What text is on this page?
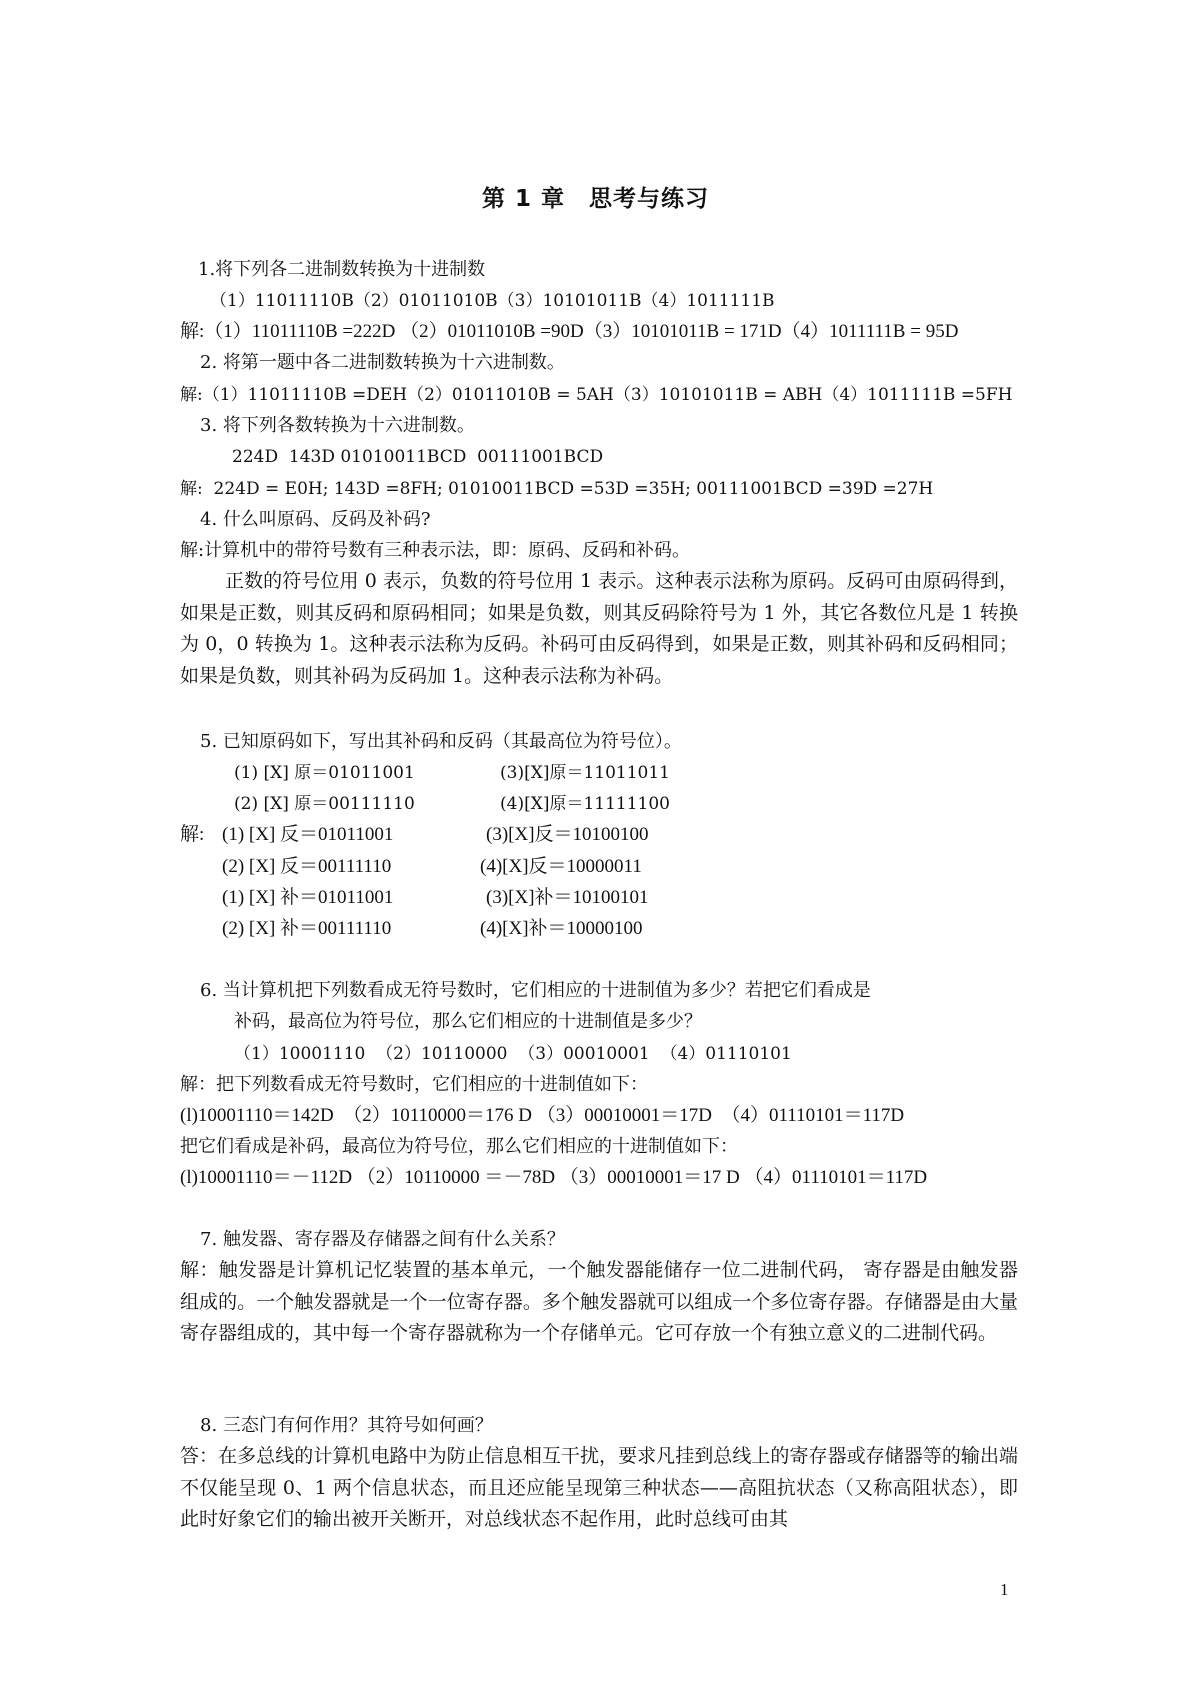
第 1 章　思考与练习
1.将下列各二进制数转换为十进制数
（1）11011110B（2）01011010B（3）10101011B（4）1011111B
解:（1）11011110B =222D （2）01011010B =90D（3）10101011B = 171D（4）1011111B = 95D
2. 将第一题中各二进制数转换为十六进制数。
解:（1）11011110B =DEH（2）01011010B = 5AH（3）10101011B = ABH（4）1011111B =5FH
3. 将下列各数转换为十六进制数。
224D  143D 01010011BCD  00111001BCD
解:  224D = E0H; 143D =8FH; 01010011BCD =53D =35H; 00111001BCD =39D =27H
4. 什么叫原码、反码及补码?
解:计算机中的带符号数有三种表示法，即：原码、反码和补码。
正数的符号位用 0 表示，负数的符号位用 1 表示。这种表示法称为原码。反码可由原码得到，如果是正数，则其反码和原码相同；如果是负数，则其反码除符号为 1 外，其它各数位凡是 1 转换为 0，0 转换为 1。这种表示法称为反码。补码可由反码得到，如果是正数，则其补码和反码相同；如果是负数，则其补码为反码加 1。这种表示法称为补码。
5. 已知原码如下，写出其补码和反码（其最高位为符号位）。
(1) [X] 原＝01011001	(3)[X]原＝11011011
(2) [X] 原＝00111110	(4)[X]原＝11111100
解: (1) [X] 反＝01011001	(3)[X]反＝10100100
(2) [X] 反＝00111110	(4)[X]反＝10000011
(1) [X] 补＝01011001	(3)[X]补＝10100101
(2) [X] 补＝00111110	(4)[X]补＝10000100
6. 当计算机把下列数看成无符号数时，它们相应的十进制值为多少？若把它们看成是
补码，最高位为符号位，那么它们相应的十进制值是多少？
（1）10001110  （2）10110000  （3）00010001  （4）01110101
解：把下列数看成无符号数时，它们相应的十进制值如下：
(l)10001110＝142D  （2）10110000＝176 D （3）00010001＝17D  （4）01110101＝117D
把它们看成是补码，最高位为符号位，那么它们相应的十进制值如下：
(l)10001110＝－112D （2）10110000 ＝－78D （3）00010001＝17 D （4）01110101＝117D
7. 触发器、寄存器及存储器之间有什么关系？
解：触发器是计算机记忆装置的基本单元，一个触发器能储存一位二进制代码， 寄存器是由触发器组成的。一个触发器就是一个一位寄存器。多个触发器就可以组成一个多位寄存器。存储器是由大量寄存器组成的，其中每一个寄存器就称为一个存储单元。它可存放一个有独立意义的二进制代码。
8. 三态门有何作用？其符号如何画？
答：在多总线的计算机电路中为防止信息相互干扰，要求凡挂到总线上的寄存器或存储器等的输出端不仅能呈现 0、1 两个信息状态，而且还应能呈现第三种状态——高阻抗状态（又称高阻状态），即此时好象它们的输出被开关断开，对总线状态不起作用，此时总线可由其
1
